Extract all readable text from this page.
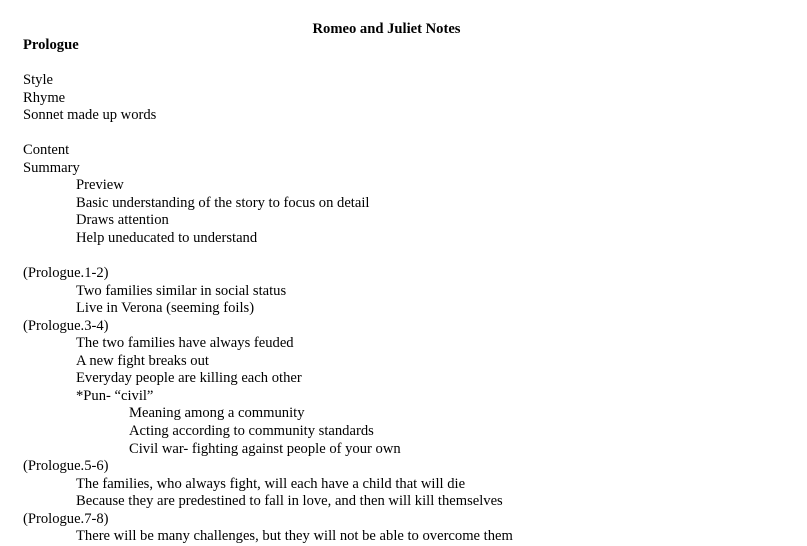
Romeo and Juliet Notes
Prologue
Style
Rhyme
Sonnet made up words
Content
Summary
Preview
Basic understanding of the story to focus on detail
Draws attention
Help uneducated to understand
(Prologue.1-2)
Two families similar in social status
Live in Verona (seeming foils)
(Prologue.3-4)
The two families have always feuded
A new fight breaks out
Everyday people are killing each other
*Pun- “civil”
Meaning among a community
Acting according to community standards
Civil war- fighting against people of your own
(Prologue.5-6)
The families, who always fight, will each have a child that will die
Because they are predestined to fall in love, and then will kill themselves
(Prologue.7-8)
There will be many challenges, but they will not be able to overcome them
